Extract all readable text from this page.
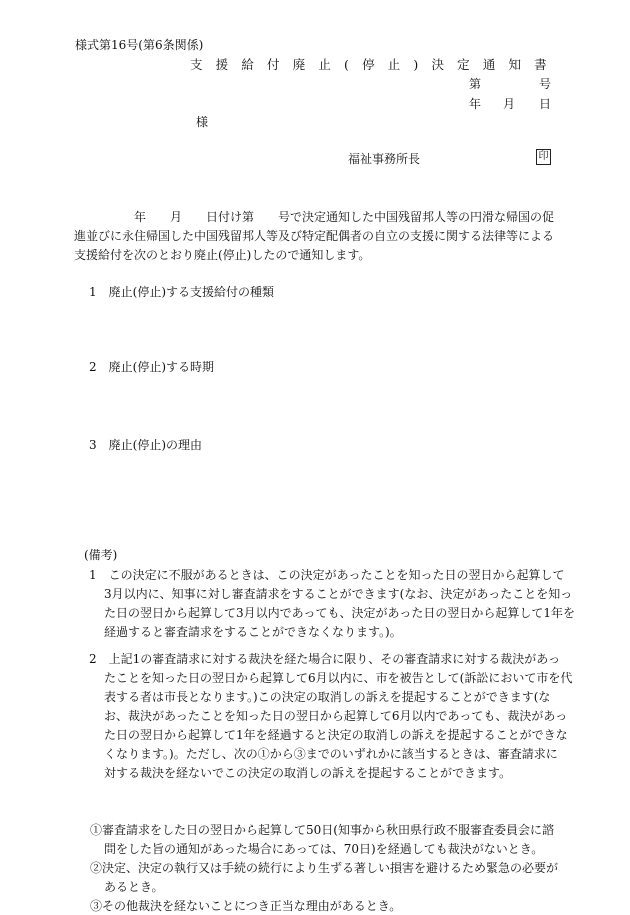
様式第16号(第6条関係)
支 援 給 付 廃 止 ( 停 止 ) 決 定 通 知 書
第	号
年 月 日
様
福祉事務所長	印
　　　　　年　　月　　日付け第　　号で決定通知した中国残留邦人等の円滑な帰国の促
進並びに永住帰国した中国残留邦人等及び特定配偶者の自立の支援に関する法律等による
支援給付を次のとおり廃止(停止)したので通知します。
1　廃止(停止)する支援給付の種類
2　廃止(停止)する時期
3　廃止(停止)の理由
(備考)
1　この決定に不服があるときは、この決定があったことを知った日の翌日から起算して
3月以内に、知事に対し審査請求をすることができます(なお、決定があったことを知っ
た日の翌日から起算して3月以内であっても、決定があった日の翌日から起算して1年を
経過すると審査請求をすることができなくなります。)。
2　上記1の審査請求に対する裁決を経た場合に限り、その審査請求に対する裁決があっ
たことを知った日の翌日から起算して6月以内に、市を被告として(訴訟において市を代
表する者は市長となります。)この決定の取消しの訴えを提起することができます(な
お、裁決があったことを知った日の翌日から起算して6月以内であっても、裁決があっ
た日の翌日から起算して1年を経過すると決定の取消しの訴えを提起することができな
くなります。)。ただし、次の①から③までのいずれかに該当するときは、審査請求に
対する裁決を経ないでこの決定の取消しの訴えを提起することができます。
①審査請求をした日の翌日から起算して50日(知事から秋田県行政不服審査委員会に諮
問をした旨の通知があった場合にあっては、70日)を経過しても裁決がないとき。
②決定、決定の執行又は手続の続行により生ずる著しい損害を避けるため緊急の必要が
あるとき。
③その他裁決を経ないことにつき正当な理由があるとき。
